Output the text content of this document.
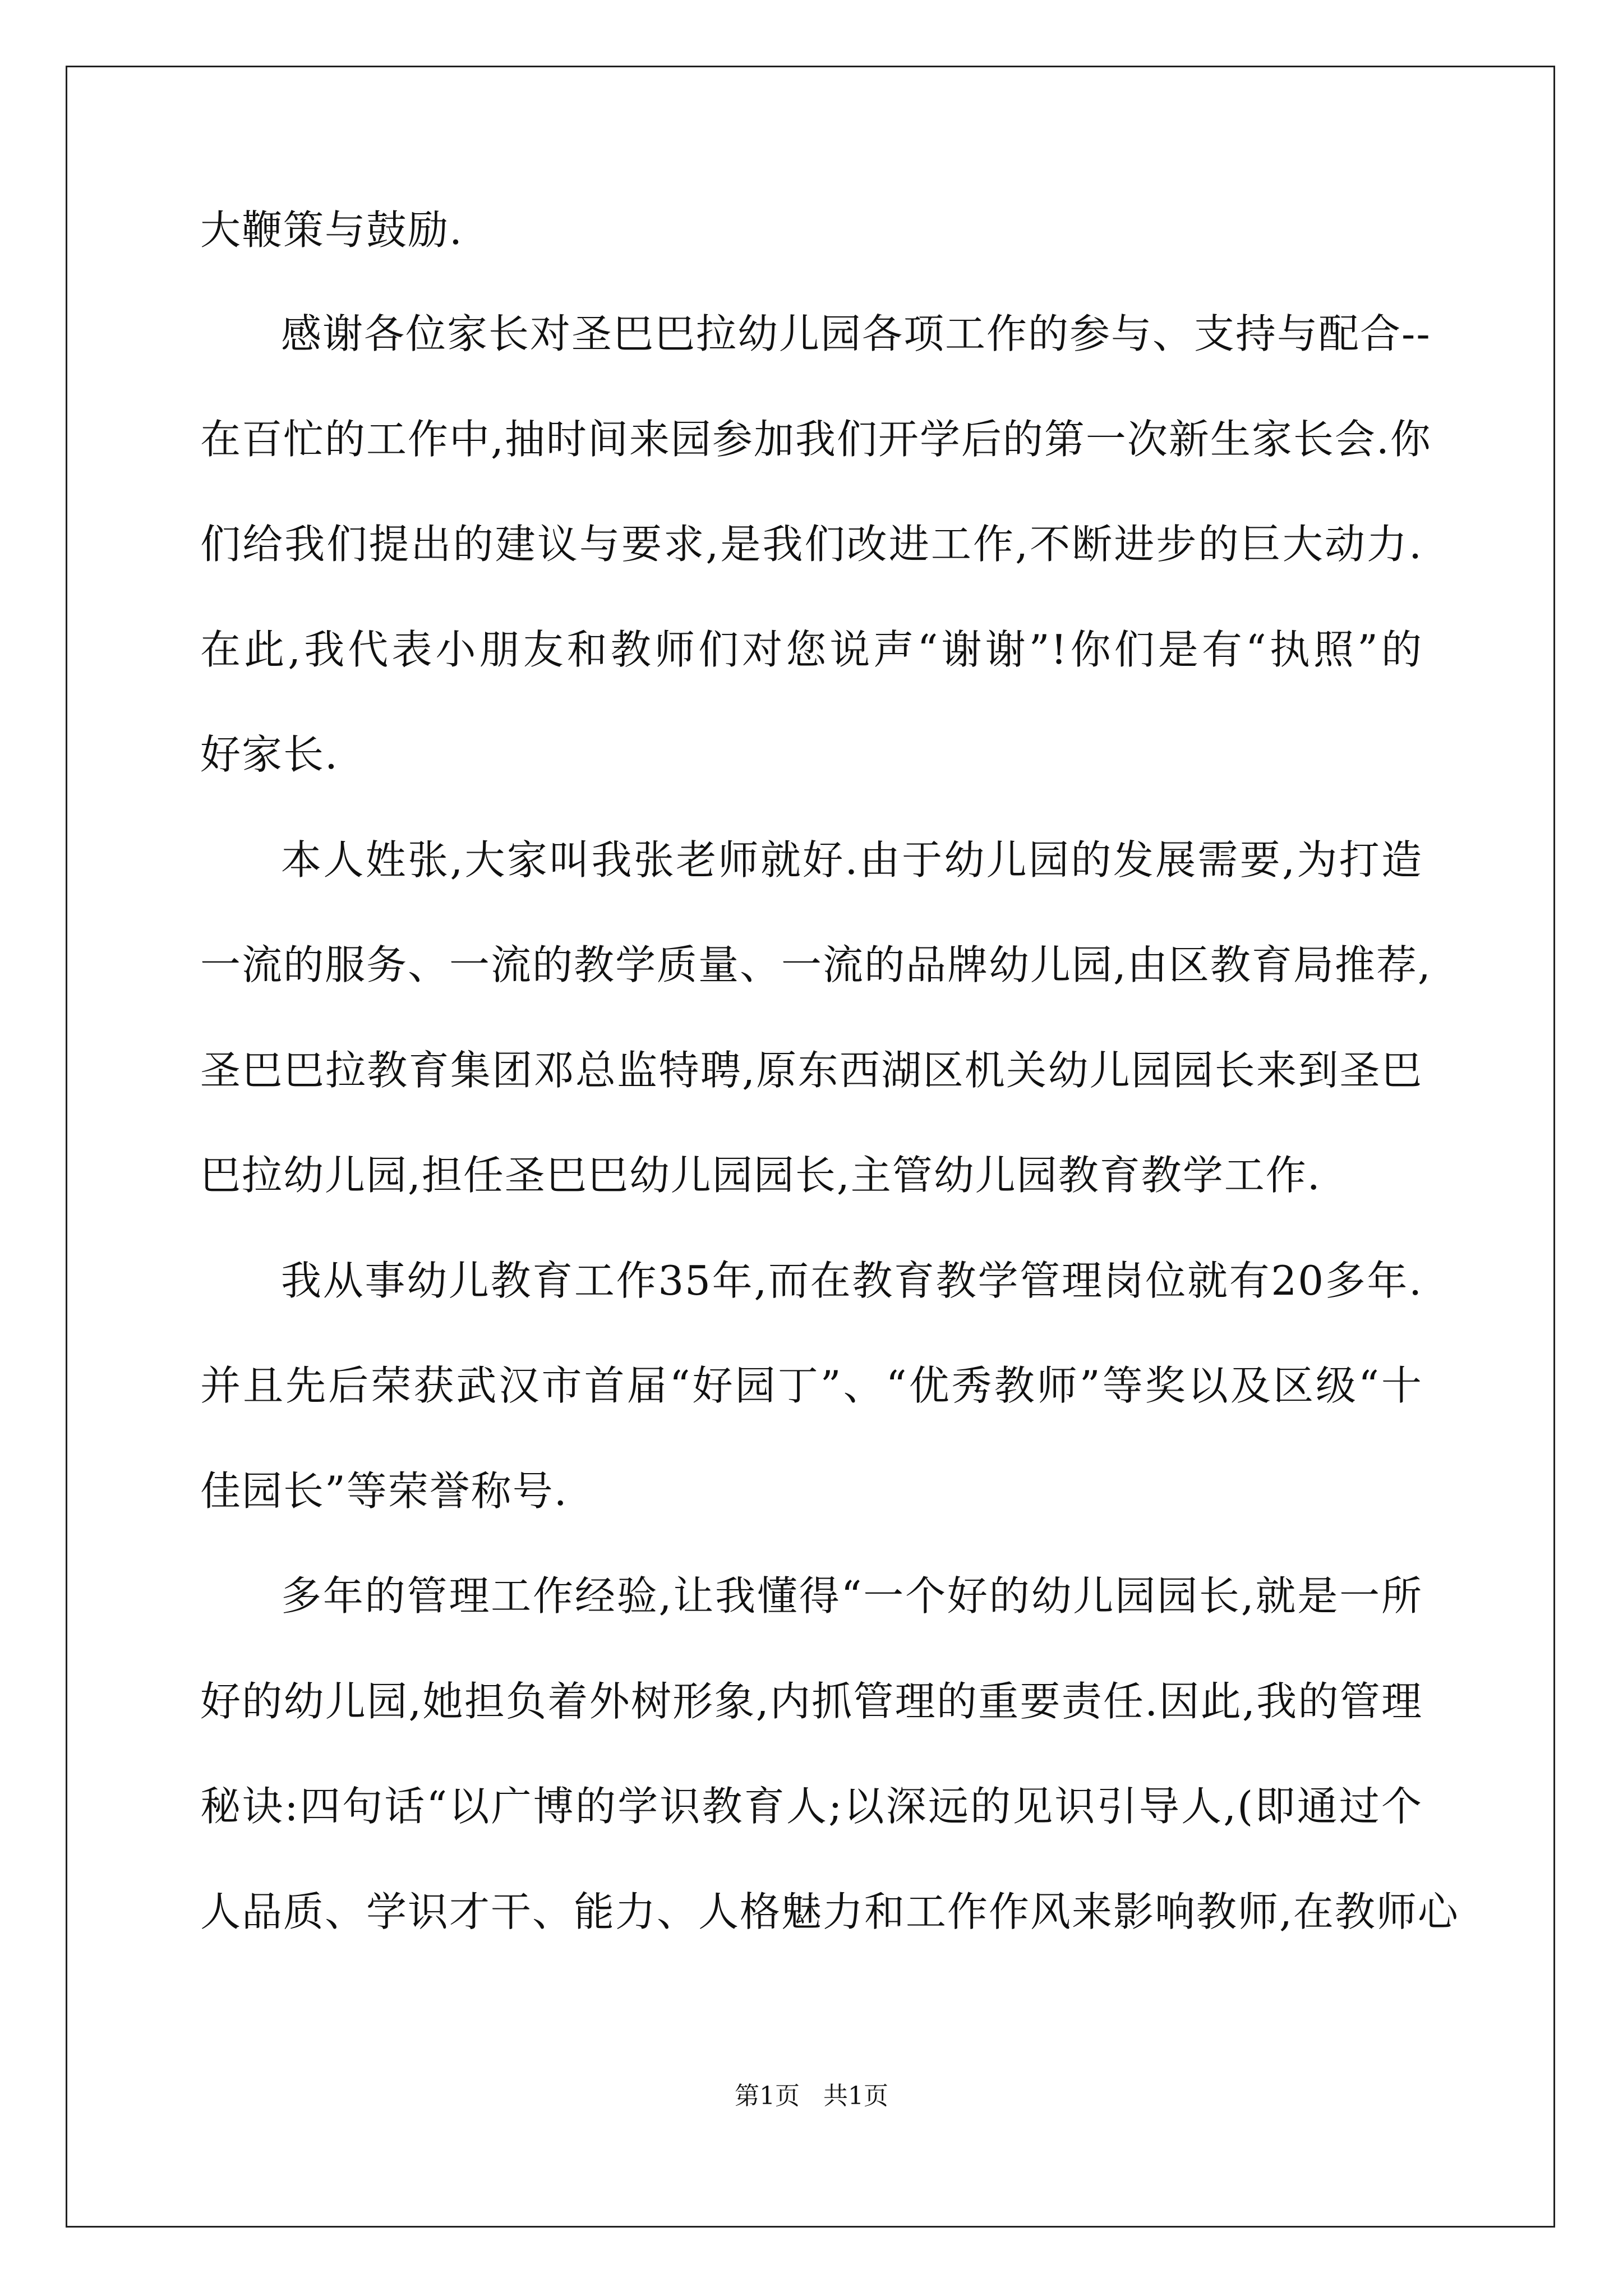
大鞭策与鼓励.
感谢各位家长对圣巴巴拉幼儿园各项工作的参与、支持与配合--
在百忙的工作中,抽时间来园参加我们开学后的第一次新生家长会.你
们给我们提出的建议与要求,是我们改进工作,不断进步的巨大动力.
在此,我代表小朋友和教师们对您说声“谢谢”!你们是有“执照”的
好家长.
本人姓张,大家叫我张老师就好.由于幼儿园的发展需要,为打造
一流的服务、一流的教学质量、一流的品牌幼儿园,由区教育局推荐,
圣巴巴拉教育集团邓总监特聘,原东西湖区机关幼儿园园长来到圣巴
巴拉幼儿园,担任圣巴巴幼儿园园长,主管幼儿园教育教学工作.
我从事幼儿教育工作35年,而在教育教学管理岗位就有20多年.
并且先后荣获武汉市首届“好园丁”、“优秀教师”等奖以及区级“十
佳园长”等荣誉称号.
多年的管理工作经验,让我懂得“一个好的幼儿园园长,就是一所
好的幼儿园,她担负着外树形象,内抓管理的重要责任.因此,我的管理
秘诀:四句话“以广博的学识教育人;以深远的见识引导人,(即通过个
人品质、学识才干、能力、人格魅力和工作作风来影响教师,在教师心
第1页 共1页
